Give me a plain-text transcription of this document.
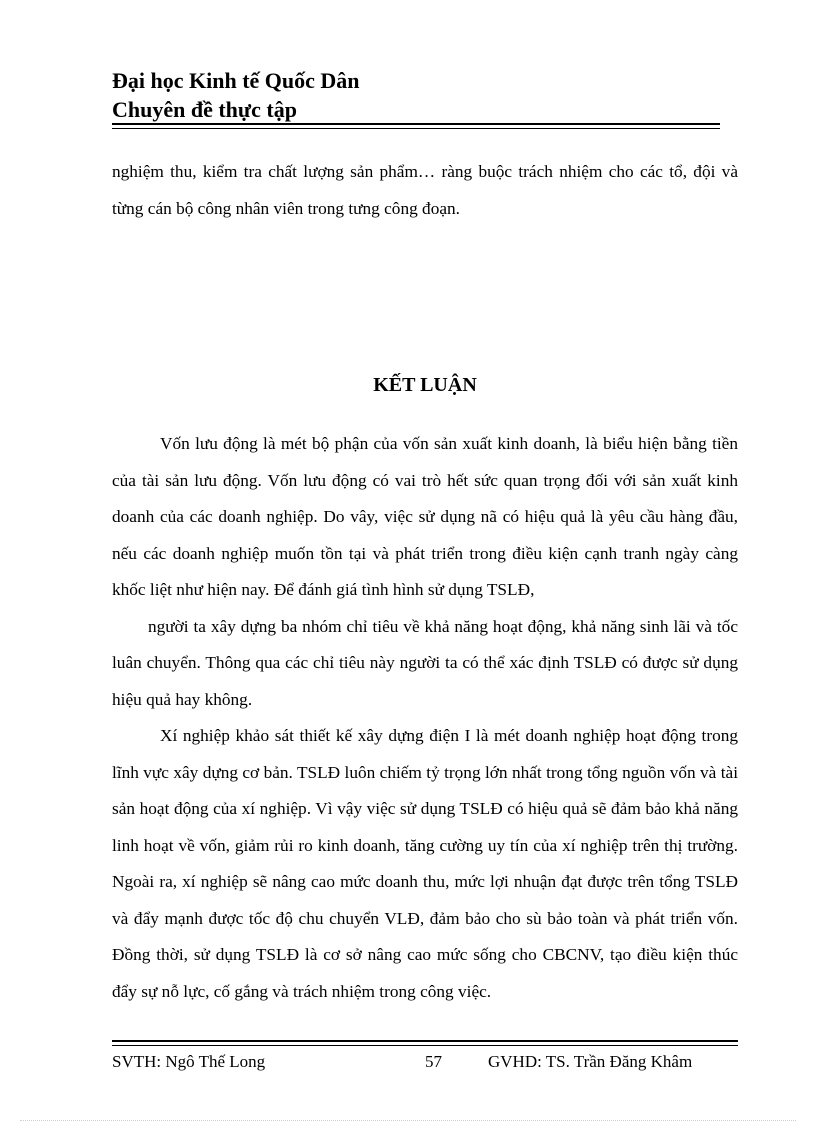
Đại học Kinh tế Quốc Dân

Chuyên đề thực tập

nghiệm thu, kiểm tra chất lượng sản phẩm… ràng buộc trách nhiệm cho các tổ, đội và từng cán bộ công nhân viên trong tưng công đoạn.

KẾT LUẬN

Vốn lưu động là mét bộ phận của vốn sản xuất kinh doanh, là biểu hiện bằng tiền của tài sản lưu động. Vốn lưu động có vai trò hết sức quan trọng đối với sản xuất kinh doanh của các doanh nghiệp. Do vây, việc sử dụng nã có hiệu quả là yêu cầu hàng đầu, nếu các doanh nghiệp muốn tồn tại và phát triển trong điều kiện cạnh tranh ngày càng khốc liệt như hiện nay. Để đánh giá tình hình sử dụng TSLĐ,

người ta xây dựng ba nhóm chỉ tiêu về khả năng hoạt động, khả năng sinh lãi và tốc luân chuyển. Thông qua các chỉ tiêu này người ta có thể xác định TSLĐ có được sử dụng hiệu quả hay không.

Xí nghiệp khảo sát thiết kế xây dựng điện I là mét doanh nghiệp hoạt động trong lĩnh vực xây dựng cơ bản. TSLĐ luôn chiếm tỷ trọng lớn nhất trong tổng nguồn vốn và tài sản hoạt động của xí nghiệp. Vì vậy việc sử dụng TSLĐ có hiệu quả sẽ đảm bảo khả năng linh hoạt về vốn, giảm rủi ro kinh doanh, tăng cường uy tín của xí nghiệp trên thị trường. Ngoài ra, xí nghiệp sẽ nâng cao mức doanh thu, mức lợi nhuận đạt được trên tổng TSLĐ và đẩy mạnh được tốc độ chu chuyển VLĐ, đảm bảo cho sù bảo toàn và phát triển vốn. Đồng thời, sử dụng TSLĐ là cơ sở nâng cao mức sống cho CBCNV, tạo điều kiện thúc đẩy sự nỗ lực, cố gắng và trách nhiệm trong công việc.

SVTH: Ngô Thế Long	57	GVHD: TS. Trần Đăng Khâm
